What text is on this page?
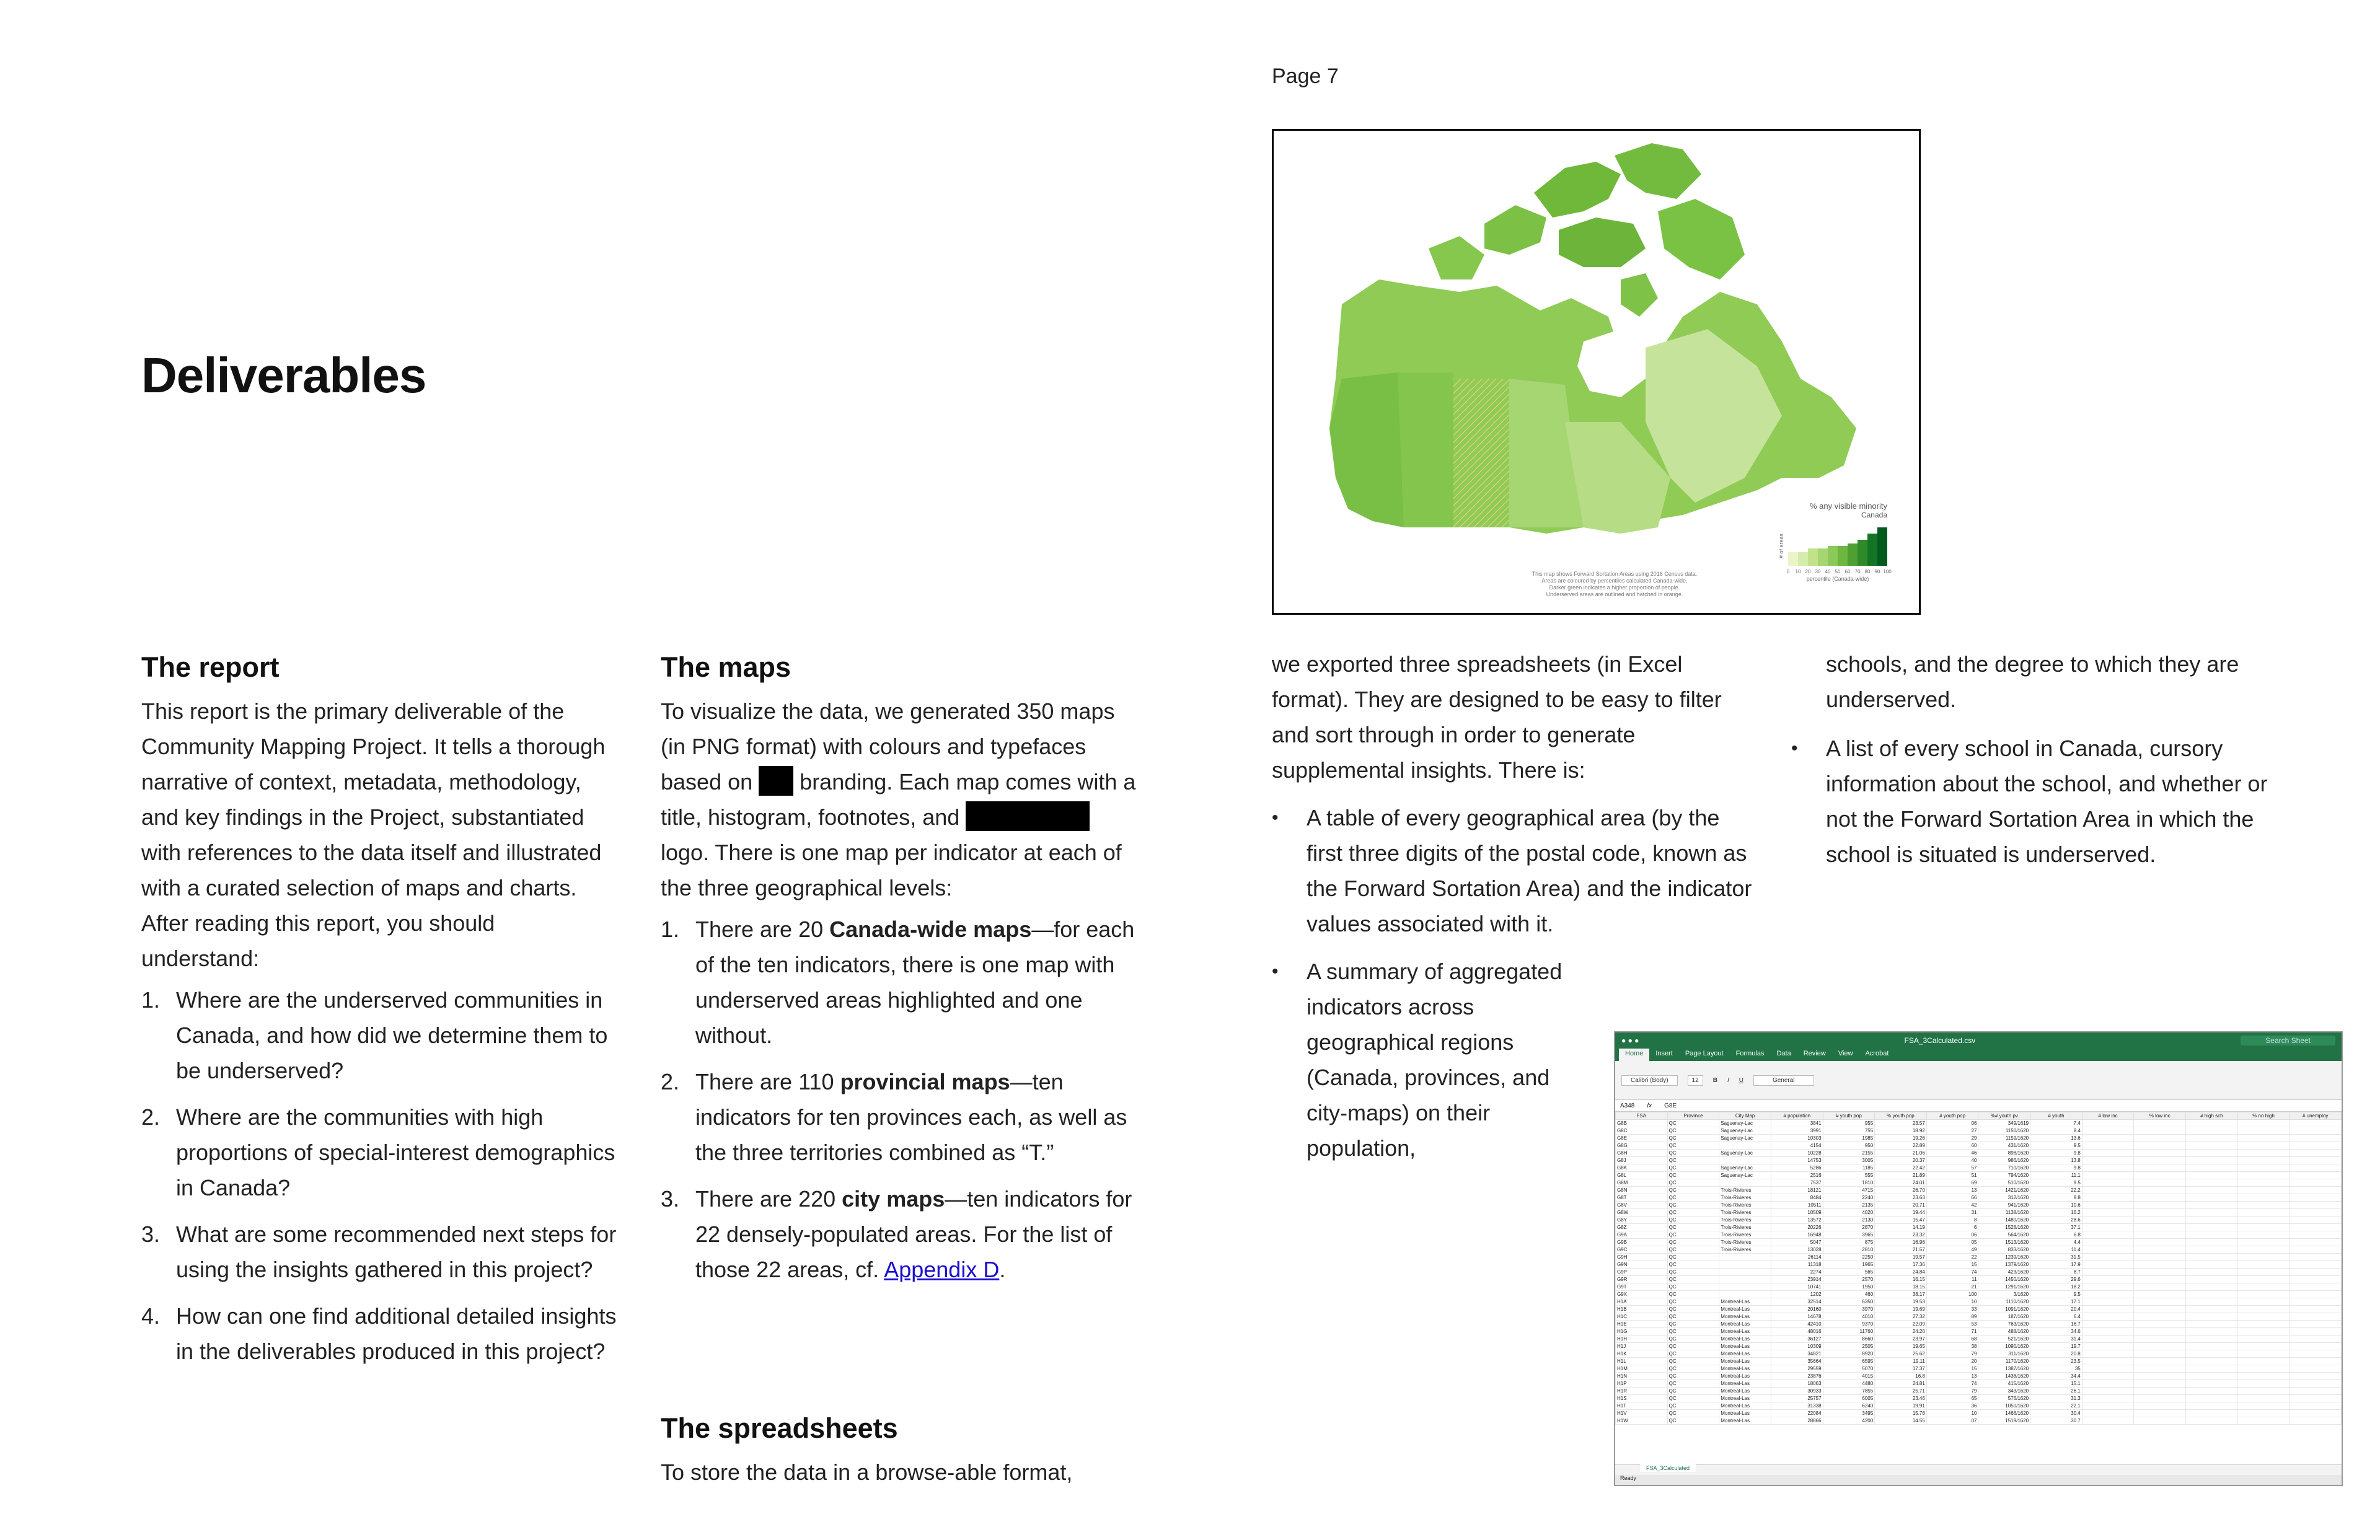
Page 7
Deliverables
The report

This report is the primary deliverable of the Community Mapping Project. It tells a thorough narrative of context, metadata, methodology, and key findings in the Project, substantiated with references to the data itself and illustrated with a curated selection of maps and charts. After reading this report, you should understand:

1. Where are the underserved communities in Canada, and how did we determine them to be underserved?
2. Where are the communities with high proportions of special-interest demographics in Canada?
3. What are some recommended next steps for using the insights gathered in this project?
4. How can one find additional detailed insights in the deliverables produced in this project?
The maps

To visualize the data, we generated 350 maps (in PNG format) with colours and typefaces based on branding. Each map comes with a title, histogram, footnotes, and logo. There is one map per indicator at each of the three geographical levels:

1. There are 20 Canada-wide maps—for each of the ten indicators, there is one map with underserved areas highlighted and one without.
2. There are 110 provincial maps—ten indicators for ten provinces each, as well as the three territories combined as “T.”
3. There are 220 city maps—ten indicators for 22 densely-populated areas. For the list of those 22 areas, cf. Appendix D.
The spreadsheets

To store the data in a browse-able format,

we exported three spreadsheets (in Excel format). They are designed to be easy to filter and sort through in order to generate supplemental insights. There is:

• A table of every geographical area (by the first three digits of the postal code, known as the Forward Sortation Area) and the indicator values associated with it.
• A summary of aggregated indicators across geographical regions (Canada, provinces, and city-maps) on their population,

schools, and the degree to which they are underserved.

• A list of every school in Canada, cursory information about the school, and whether or not the Forward Sortation Area in which the school is situated is underserved.
% any visible minority
Canada
0 10 20 30 40 50 60 70 80 90 100
percentile (Canada-wide)
# of areas
This map shows Forward Sortation Areas using 2016 Census data.
Areas are coloured by percentiles calculated Canada-wide.
Darker green indicates a higher proportion of people.
Underserved areas are outlined and hatched in orange.
● ● ●	FSA_3Calculated.csv	Search Sheet
Home	Insert	Page Layout	Formulas	Data	Review	View	Acrobat
Calibri (Body)	12	B I U	General
A348 fx G8E
FSA	Province	City Map	# population	# youth pop	% youth pop	# youth pop	%# youth pv	# youth	# low inc	% low inc	# high sch	% no high	# unemploy
G8B	QC	Saguenay-Lac	3841	955	23.57	06	349/1619	7.4					
G8C	QC	Saguenay-Lac	3991	755	18.92	27	1150/1620	8.4					
G8E	QC	Saguenay-Lac	10303	1985	19.26	29	1159/1620	13.6					
G8G	QC		4154	950	22.89	60	431/1620	9.5					
G8H	QC	Saguenay-Lac	10228	2155	21.06	46	898/1620	9.8					
G8J	QC		14753	3005	20.37	40	986/1620	13.8					
G8K	QC	Saguenay-Lac	5286	1185	22.42	57	710/1620	9.8					
G8L	QC	Saguenay-Lac	2516	555	21.89	51	794/1620	11.1					
G8M	QC		7537	1810	24.01	69	510/1620	9.5					
G8N	QC	Trois-Rivieres	18121	4715	26.70	13	1421/1620	22.2					
G8T	QC	Trois-Rivieres	8484	2240	23.63	66	312/1620	8.8					
G8V	QC	Trois-Rivieres	10511	2135	20.71	42	941/1620	10.6					
G8W	QC	Trois-Rivieres	10509	4020	19.44	31	1138/1620	16.2					
G8Y	QC	Trois-Rivieres	13572	2130	15.47	8	1480/1620	28.6					
G8Z	QC	Trois-Rivieres	20226	2870	14.19	6	1528/1620	37.1					
G9A	QC	Trois-Rivieres	16948	3965	23.32	06	564/1620	6.8					
G9B	QC	Trois-Rivieres	5047	875	16.96	05	1513/1620	4.4					
G9C	QC	Trois-Rivieres	13028	2810	21.57	49	833/1620	11.4					
G9H	QC		26114	2250	19.57	22	1239/1620	31.5					
G9N	QC		11318	1965	17.36	15	1379/1620	17.9					
G9P	QC		2274	565	24.84	74	423/1620	8.7					
G9R	QC		23914	2570	16.15	11	1450/1620	29.6					
G9T	QC		10741	1950	18.15	21	1291/1620	18.2					
G9X	QC		1202	460	38.17	100	3/1620	9.5					
H1A	QC	Montreal-Las	32514	6350	19.53	10	1110/1620	17.1					
H1B	QC	Montreal-Las	20160	3970	19.69	33	1091/1620	20.4					
H1C	QC	Montreal-Las	14678	4010	27.32	89	187/1620	6.4					
H1E	QC	Montreal-Las	42410	9370	22.09	53	763/1620	16.7					
H1G	QC	Montreal-Las	48016	11760	24.20	71	488/1620	34.6					
H1H	QC	Montreal-Las	36127	8660	23.97	68	521/1620	31.4					
H1J	QC	Montreal-Las	10309	2505	19.65	38	1090/1620	19.7					
H1K	QC	Montreal-Las	34821	8920	25.62	79	311/1620	20.8					
H1L	QC	Montreal-Las	35664	6595	19.11	20	1170/1620	23.5					
H1M	QC	Montreal-Las	29559	5070	17.37	15	1387/1620	35					
H1N	QC	Montreal-Las	23876	4015	16.8	13	1438/1620	34.4					
H1P	QC	Montreal-Las	18063	4480	24.81	74	415/1620	15.1					
H1R	QC	Montreal-Las	30933	7855	25.71	79	343/1620	26.1					
H1S	QC	Montreal-Las	25757	6005	23.46	65	576/1620	31.3					
H1T	QC	Montreal-Las	31338	6240	19.91	36	1050/1620	22.1					
H1V	QC	Montreal-Las	22084	3495	15.78	10	1466/1620	30.4					
H1W	QC	Montreal-Las	28866	4200	14.55	07	1519/1620	30.7					
FSA_3Calculated
Ready
